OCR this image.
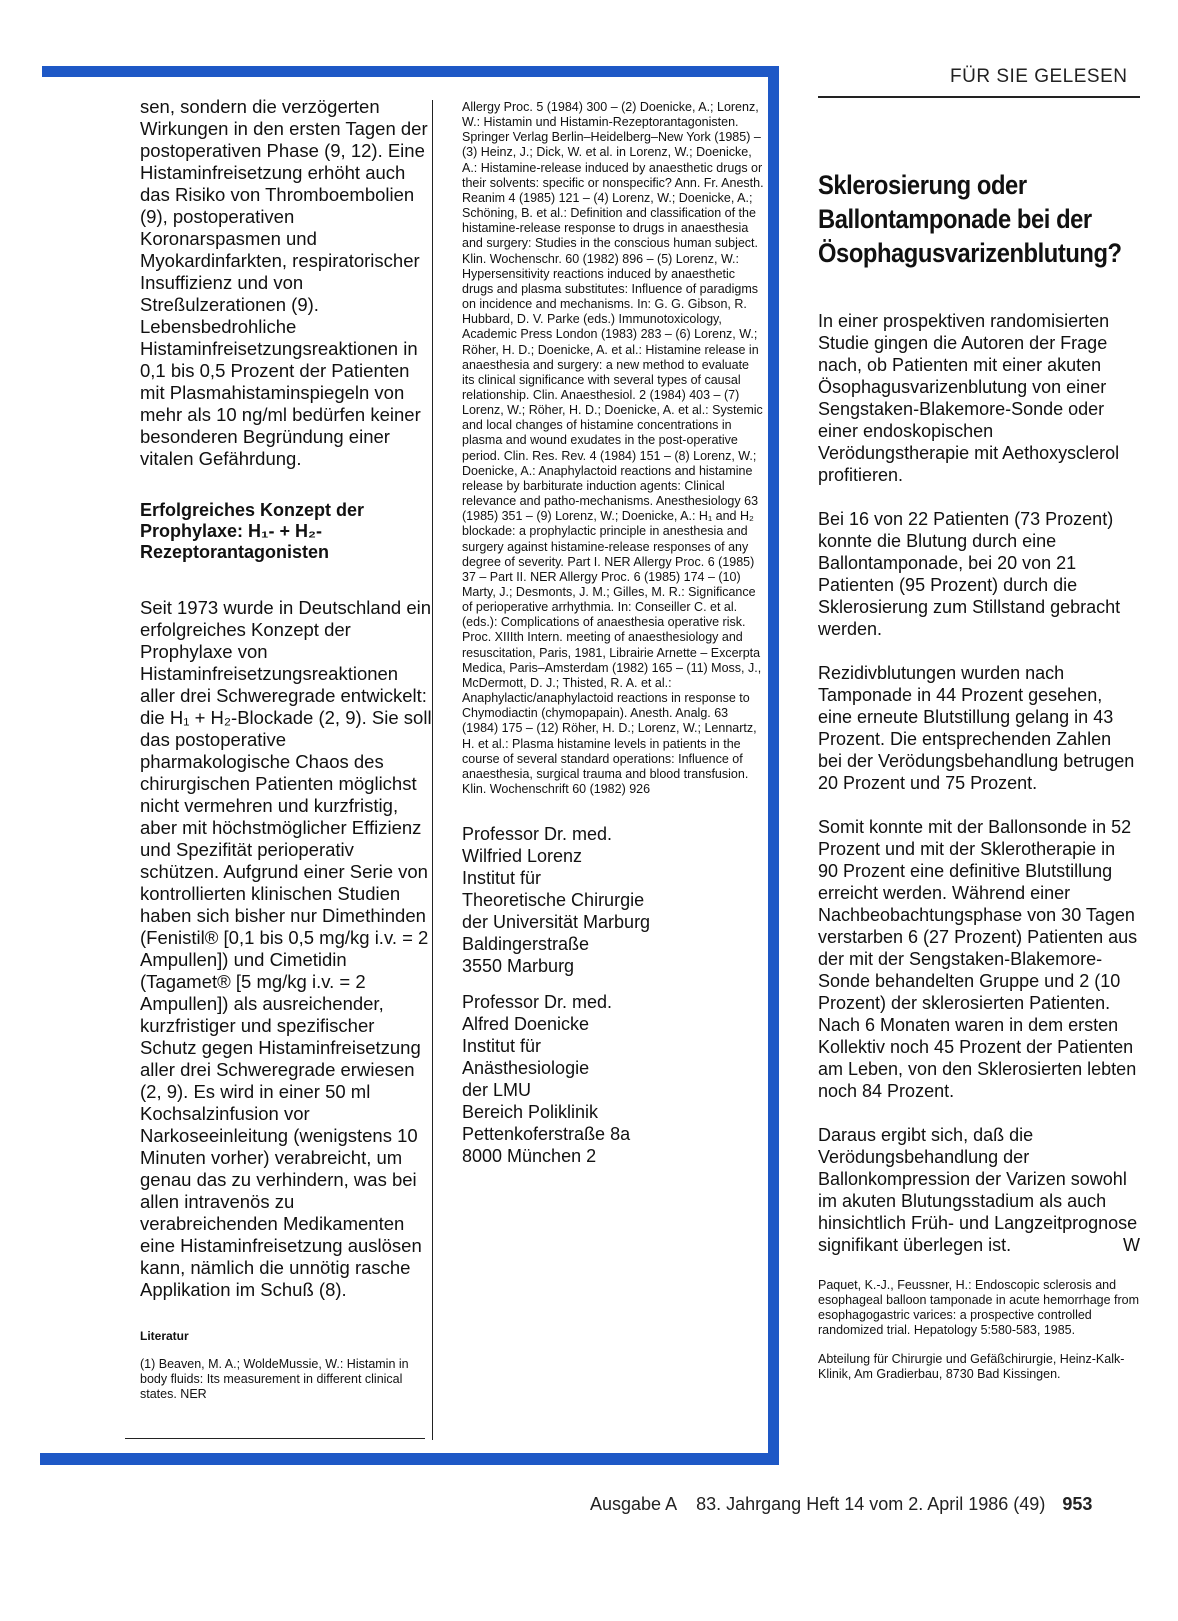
FÜR SIE GELESEN

sen, sondern die verzögerten Wirkungen in den ersten Tagen der postoperativen Phase (9, 12). Eine Histaminfreisetzung erhöht auch das Risiko von Thromboembolien (9), postoperativen Koronarspasmen und Myokardinfarkten, respiratorischer Insuffizienz und von Streßulzerationen (9). Lebensbedrohliche Histaminfreisetzungsreaktionen in 0,1 bis 0,5 Prozent der Patienten mit Plasmahistaminspiegeln von mehr als 10 ng/ml bedürfen keiner besonderen Begründung einer vitalen Gefährdung.

Erfolgreiches Konzept der Prophylaxe: H₁- + H₂-Rezeptorantagonisten

Seit 1973 wurde in Deutschland ein erfolgreiches Konzept der Prophylaxe von Histaminfreisetzungsreaktionen aller drei Schweregrade entwickelt: die H₁ + H₂-Blockade (2, 9). Sie soll das postoperative pharmakologische Chaos des chirurgischen Patienten möglichst nicht vermehren und kurzfristig, aber mit höchstmöglicher Effizienz und Spezifität perioperativ schützen. Aufgrund einer Serie von kontrollierten klinischen Studien haben sich bisher nur Dimethinden (Fenistil® [0,1 bis 0,5 mg/kg i.v. = 2 Ampullen]) und Cimetidin (Tagamet® [5 mg/kg i.v. = 2 Ampullen]) als ausreichender, kurzfristiger und spezifischer Schutz gegen Histaminfreisetzung aller drei Schweregrade erwiesen (2, 9). Es wird in einer 50 ml Kochsalzinfusion vor Narkoseeinleitung (wenigstens 10 Minuten vorher) verabreicht, um genau das zu verhindern, was bei allen intravenös zu verabreichenden Medikamenten eine Histaminfreisetzung auslösen kann, nämlich die unnötig rasche Applikation im Schuß (8).

Literatur

(1) Beaven, M. A.; WoldeMussie, W.: Histamin in body fluids: Its measurement in different clinical states. NER

Allergy Proc. 5 (1984) 300 – (2) Doenicke, A.; Lorenz, W.: Histamin und Histamin-Rezeptorantagonisten. Springer Verlag Berlin–Heidelberg–New York (1985) – (3) Heinz, J.; Dick, W. et al. in Lorenz, W.; Doenicke, A.: Histamine-release induced by anaesthetic drugs or their solvents: specific or nonspecific? Ann. Fr. Anesth. Reanim 4 (1985) 121 – (4) Lorenz, W.; Doenicke, A.; Schöning, B. et al.: Definition and classification of the histamine-release response to drugs in anaesthesia and surgery: Studies in the conscious human subject. Klin. Wochenschr. 60 (1982) 896 – (5) Lorenz, W.: Hypersensitivity reactions induced by anaesthetic drugs and plasma substitutes: Influence of paradigms on incidence and mechanisms. In: G. G. Gibson, R. Hubbard, D. V. Parke (eds.) Immunotoxicology, Academic Press London (1983) 283 – (6) Lorenz, W.; Röher, H. D.; Doenicke, A. et al.: Histamine release in anaesthesia and surgery: a new method to evaluate its clinical significance with several types of causal relationship. Clin. Anaesthesiol. 2 (1984) 403 – (7) Lorenz, W.; Röher, H. D.; Doenicke, A. et al.: Systemic and local changes of histamine concentrations in plasma and wound exudates in the post-operative period. Clin. Res. Rev. 4 (1984) 151 – (8) Lorenz, W.; Doenicke, A.: Anaphylactoid reactions and histamine release by barbiturate induction agents: Clinical relevance and patho-mechanisms. Anesthesiology 63 (1985) 351 – (9) Lorenz, W.; Doenicke, A.: H₁ and H₂ blockade: a prophylactic principle in anesthesia and surgery against histamine-release responses of any degree of severity. Part I. NER Allergy Proc. 6 (1985) 37 – Part II. NER Allergy Proc. 6 (1985) 174 – (10) Marty, J.; Desmonts, J. M.; Gilles, M. R.: Significance of perioperative arrhythmia. In: Conseiller C. et al. (eds.): Complications of anaesthesia operative risk. Proc. XIIIth Intern. meeting of anaesthesiology and resuscitation, Paris, 1981, Librairie Arnette – Excerpta Medica, Paris–Amsterdam (1982) 165 – (11) Moss, J., McDermott, D. J.; Thisted, R. A. et al.: Anaphylactic/anaphylactoid reactions in response to Chymodiactin (chymopapain). Anesth. Analg. 63 (1984) 175 – (12) Röher, H. D.; Lorenz, W.; Lennartz, H. et al.: Plasma histamine levels in patients in the course of several standard operations: Influence of anaesthesia, surgical trauma and blood transfusion. Klin. Wochenschrift 60 (1982) 926

Professor Dr. med.

Wilfried Lorenz

Institut für

Theoretische Chirurgie

der Universität Marburg

Baldingerstraße

3550 Marburg

Professor Dr. med.

Alfred Doenicke

Institut für

Anästhesiologie

der LMU

Bereich Poliklinik

Pettenkoferstraße 8a

8000 München 2

Sklerosierung oder Ballontamponade bei der Ösophagusvarizenblutung?

In einer prospektiven randomisierten Studie gingen die Autoren der Frage nach, ob Patienten mit einer akuten Ösophagusvarizenblutung von einer Sengstaken-Blakemore-Sonde oder einer endoskopischen Verödungstherapie mit Aethoxysclerol profitieren.

Bei 16 von 22 Patienten (73 Prozent) konnte die Blutung durch eine Ballontamponade, bei 20 von 21 Patienten (95 Prozent) durch die Sklerosierung zum Stillstand gebracht werden.

Rezidivblutungen wurden nach Tamponade in 44 Prozent gesehen, eine erneute Blutstillung gelang in 43 Prozent. Die entsprechenden Zahlen bei der Verödungsbehandlung betrugen 20 Prozent und 75 Prozent.

Somit konnte mit der Ballonsonde in 52 Prozent und mit der Sklerotherapie in 90 Prozent eine definitive Blutstillung erreicht werden. Während einer Nachbeobachtungsphase von 30 Tagen verstarben 6 (27 Prozent) Patienten aus der mit der Sengstaken-Blakemore-Sonde behandelten Gruppe und 2 (10 Prozent) der sklerosierten Patienten. Nach 6 Monaten waren in dem ersten Kollektiv noch 45 Prozent der Patienten am Leben, von den Sklerosierten lebten noch 84 Prozent.

Daraus ergibt sich, daß die Verödungsbehandlung der Ballonkompression der Varizen sowohl im akuten Blutungsstadium als auch hinsichtlich Früh- und Langzeitprognose signifikant überlegen ist.	W

Paquet, K.-J., Feussner, H.: Endoscopic sclerosis and esophageal balloon tamponade in acute hemorrhage from esophagogastric varices: a prospective controlled randomized trial. Hepatology 5:580-583, 1985.

Abteilung für Chirurgie und Gefäßchirurgie, Heinz-Kalk-Klinik, Am Gradierbau, 8730 Bad Kissingen.

Ausgabe A 83. Jahrgang Heft 14 vom 2. April 1986 (49) 953
